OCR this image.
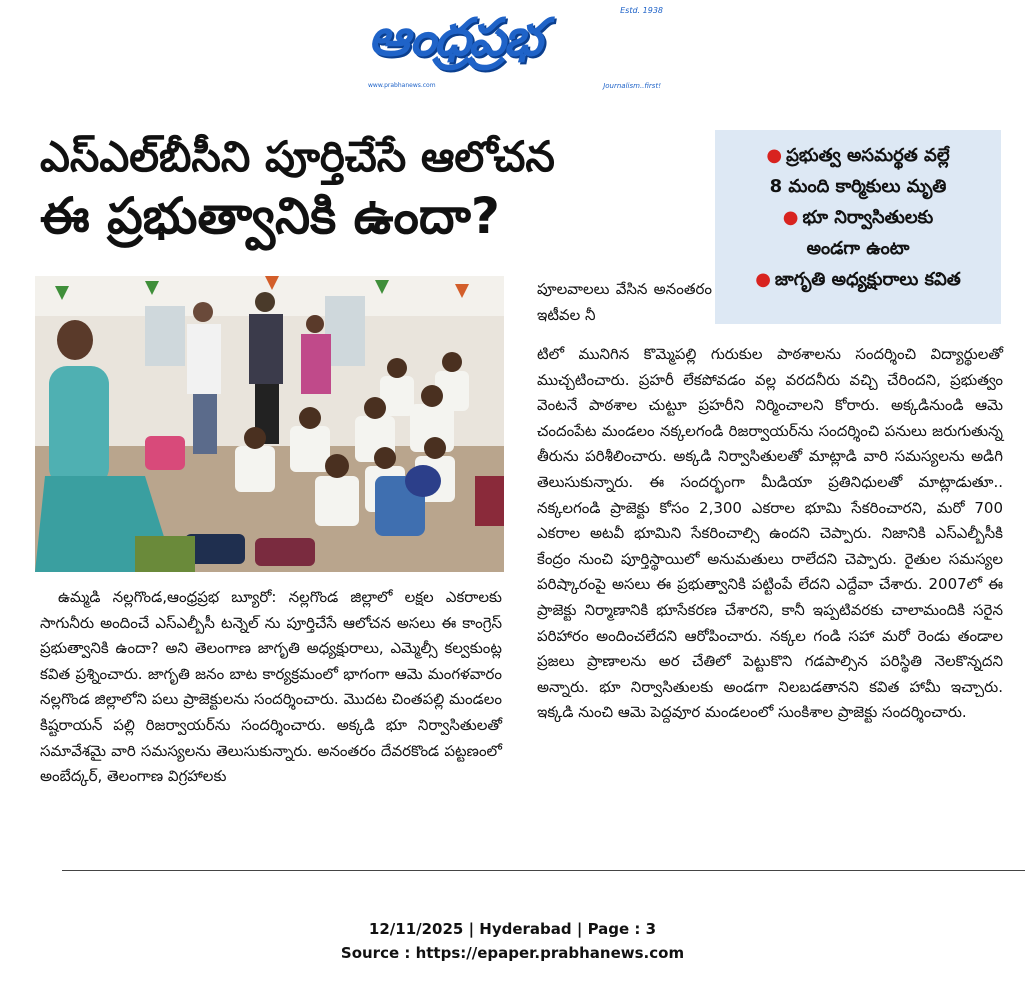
ఆంధ్రప్రభ	Estd. 1938
www.prabhanews.com	Journalism..first!
ఎస్‌ఎల్‌బీసీని పూర్తిచేసే ఆలోచన
ఈ ప్రభుత్వానికి ఉందా?
● ప్రభుత్వ అసమర్థత వల్లే
8 మంది కార్మికులు మృతి
● భూ నిర్వాసితులకు
అండగా ఉంటా
● జాగృతి అధ్యక్షురాలు కవిత
ఉమ్మడి నల్లగొండ,ఆంధ్రప్రభ బ్యూరో: నల్లగొండ జిల్లాలో లక్షల ఎకరాలకు సాగునీరు అందించే ఎస్ఎల్బీసీ టన్నెల్ ను పూర్తిచేసే ఆలోచన అసలు ఈ కాంగ్రెస్ ప్రభుత్వానికి ఉందా? అని తెలంగాణ జాగృతి అధ్యక్షురాలు, ఎమ్మెల్సీ కల్వకుంట్ల కవిత ప్రశ్నించారు. జాగృతి జనం బాట కార్యక్రమంలో భాగంగా ఆమె మంగళవారం నల్లగొండ జిల్లాలోని పలు ప్రాజెక్టులను సందర్శించారు. మొదట చింతపల్లి మండలం కిష్టరాయన్ పల్లి రిజర్వాయర్‌ను సందర్శించారు. అక్కడి భూ నిర్వాసితులతో సమావేశమై వారి సమస్యలను తెలుసుకున్నారు. అనంతరం దేవరకొండ పట్టణంలో అంబేద్కర్, తెలంగాణ విగ్రహాలకు
పూలవాలలు వేసిన అనంతరం ఇటీవల నీ
టిలో మునిగిన కొమ్మెపల్లి గురుకుల పాఠశాలను సందర్శించి విద్యార్థులతో ముచ్చటించారు. ప్రహరీ లేకపోవడం వల్ల వరదనీరు వచ్చి చేరిందని, ప్రభుత్వం వెంటనే పాఠశాల చుట్టూ ప్రహరీని నిర్మించాలని కోరారు. అక్కడినుండి ఆమె చందంపేట మండలం నక్కలగండి రిజర్వాయర్‌ను సందర్శించి పనులు జరుగుతున్న తీరును పరిశీలించారు. అక్కడి నిర్వాసితులతో మాట్లాడి వారి సమస్యలను అడిగి తెలుసుకున్నారు. ఈ సందర్భంగా మీడియా ప్రతినిధులతో మాట్లాడుతూ.. నక్కలగండి ప్రాజెక్టు కోసం 2,300 ఎకరాల భూమి సేకరించారని, మరో 700 ఎకరాల అటవీ భూమిని సేకరించాల్సి ఉందని చెప్పారు. నిజానికి ఎస్ఎల్బీసీకి కేంద్రం నుంచి పూర్తిస్థాయిలో అనుమతులు రాలేదని చెప్పారు. రైతుల సమస్యల పరిష్కారంపై అసలు ఈ ప్రభుత్వానికి పట్టింపే లేదని ఎద్దేవా చేశారు. 2007లో ఈ ప్రాజెక్టు నిర్మాణానికి భూసేకరణ చేశారని, కానీ ఇప్పటివరకు చాలామందికి సరైన పరిహారం అందించలేదని ఆరోపించారు. నక్కల గండి సహా మరో రెండు తండాల ప్రజలు ప్రాణాలను అర చేతిలో పెట్టుకొని గడపాల్సిన పరిస్థితి నెలకొన్నదని అన్నారు. భూ నిర్వాసితులకు అండగా నిలబడతానని కవిత హామీ ఇచ్చారు. ఇక్కడి నుంచి ఆమె పెద్దవూర మండలంలో సుంకిశాల ప్రాజెక్టు సందర్శించారు.
12/11/2025 | Hyderabad | Page : 3
Source : https://epaper.prabhanews.com
